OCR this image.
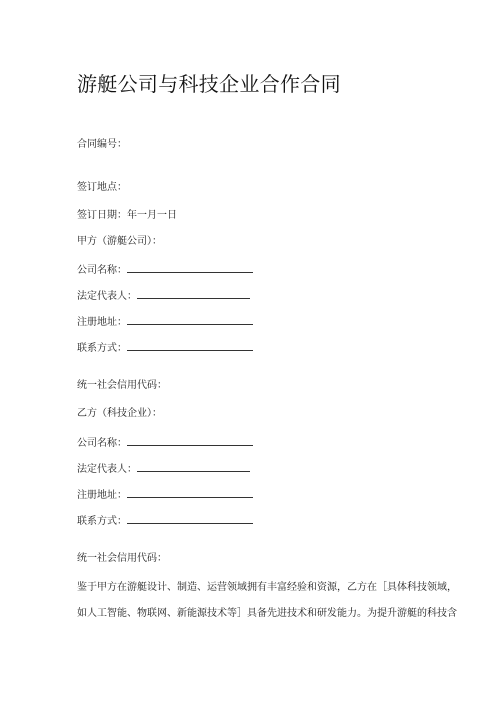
游艇公司与科技企业合作合同
合同编号：
签订地点：
签订日期：年一月一日
甲方（游艇公司）：
公司名称：
法定代表人：
注册地址：
联系方式：
统一社会信用代码：
乙方（科技企业）：
公司名称：
法定代表人：
注册地址：
联系方式：
统一社会信用代码：
鉴于甲方在游艇设计、制造、运营领域拥有丰富经验和资源，乙方在［具体科技领域，
如人工智能、物联网、新能源技术等］具备先进技术和研发能力。为提升游艇的科技含
